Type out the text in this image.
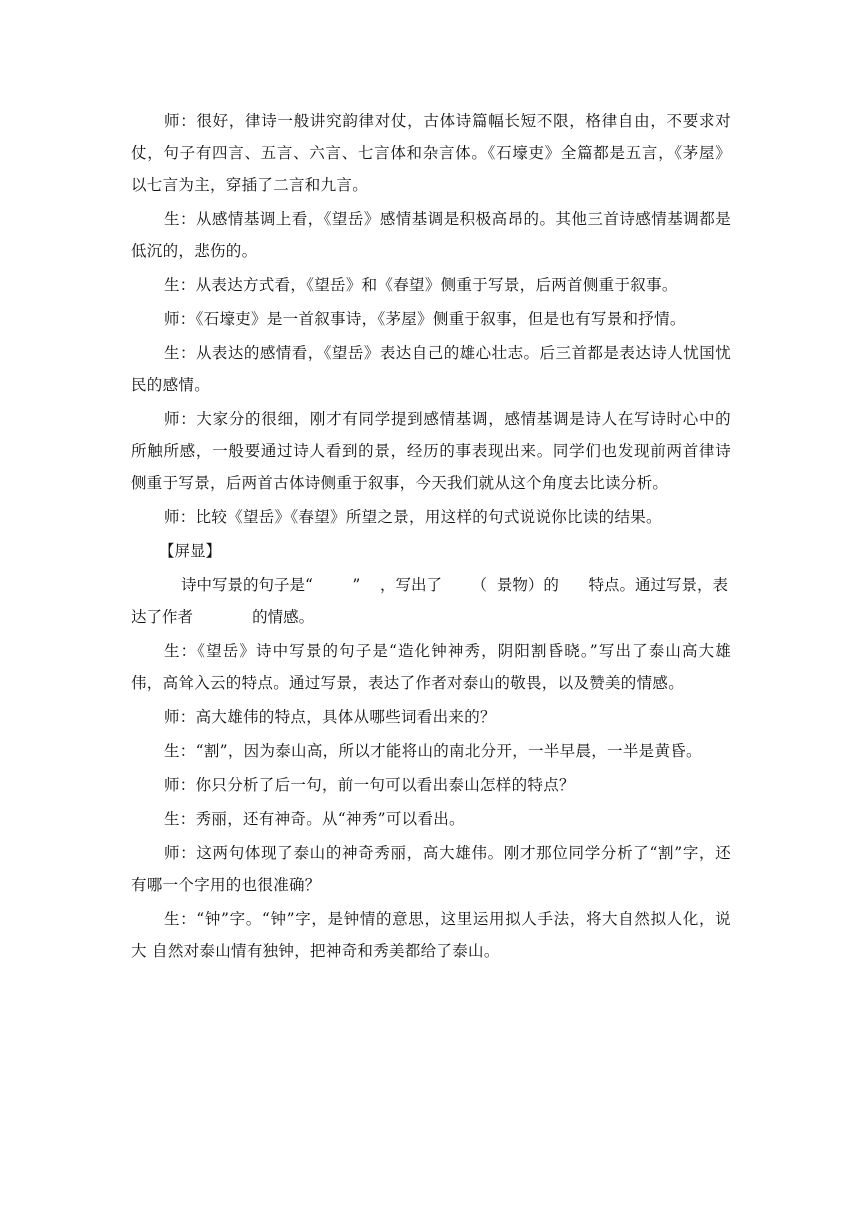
师：很好，律诗一般讲究韵律对仗，古体诗篇幅长短不限，格律自由，不要求对仗，句子有四言、五言、六言、七言体和杂言体。《石壕吏》全篇都是五言，《茅屋》以七言为主，穿插了二言和九言。

生：从感情基调上看，《望岳》感情基调是积极高昂的。其他三首诗感情基调都是低沉的，悲伤的。

生：从表达方式看，《望岳》和《春望》侧重于写景，后两首侧重于叙事。

师：《石壕吏》是一首叙事诗，《茅屋》侧重于叙事，但是也有写景和抒情。

生：从表达的感情看，《望岳》表达自己的雄心壮志。后三首都是表达诗人忧国忧民的感情。

师：大家分的很细，刚才有同学提到感情基调，感情基调是诗人在写诗时心中的所触所感，一般要通过诗人看到的景，经历的事表现出来。同学们也发现前两首律诗侧重于写景，后两首古体诗侧重于叙事，今天我们就从这个角度去比读分析。

师：比较《望岳》《春望》所望之景，用这样的句式说说你比读的结果。

【屏显】

诗中写景的句子是“        ”    ，写出了      （  景物）的      特点。通过写景，表达了作者            的情感。

生：《望岳》诗中写景的句子是“造化钟神秀，阴阳割昏晓。”写出了泰山高大雄伟，高耸入云的特点。通过写景，表达了作者对泰山的敬畏，以及赞美的情感。

师：高大雄伟的特点，具体从哪些词看出来的？

生：“割”，因为泰山高，所以才能将山的南北分开，一半早晨，一半是黄昏。

师：你只分析了后一句，前一句可以看出泰山怎样的特点？

生：秀丽，还有神奇。从“神秀”可以看出。

师：这两句体现了泰山的神奇秀丽，高大雄伟。刚才那位同学分析了“割”字，还有哪一个字用的也很准确？

生：“钟”字。“钟”字，是钟情的意思，这里运用拟人手法，将大自然拟人化，说大 自然对泰山情有独钟，把神奇和秀美都给了泰山。
